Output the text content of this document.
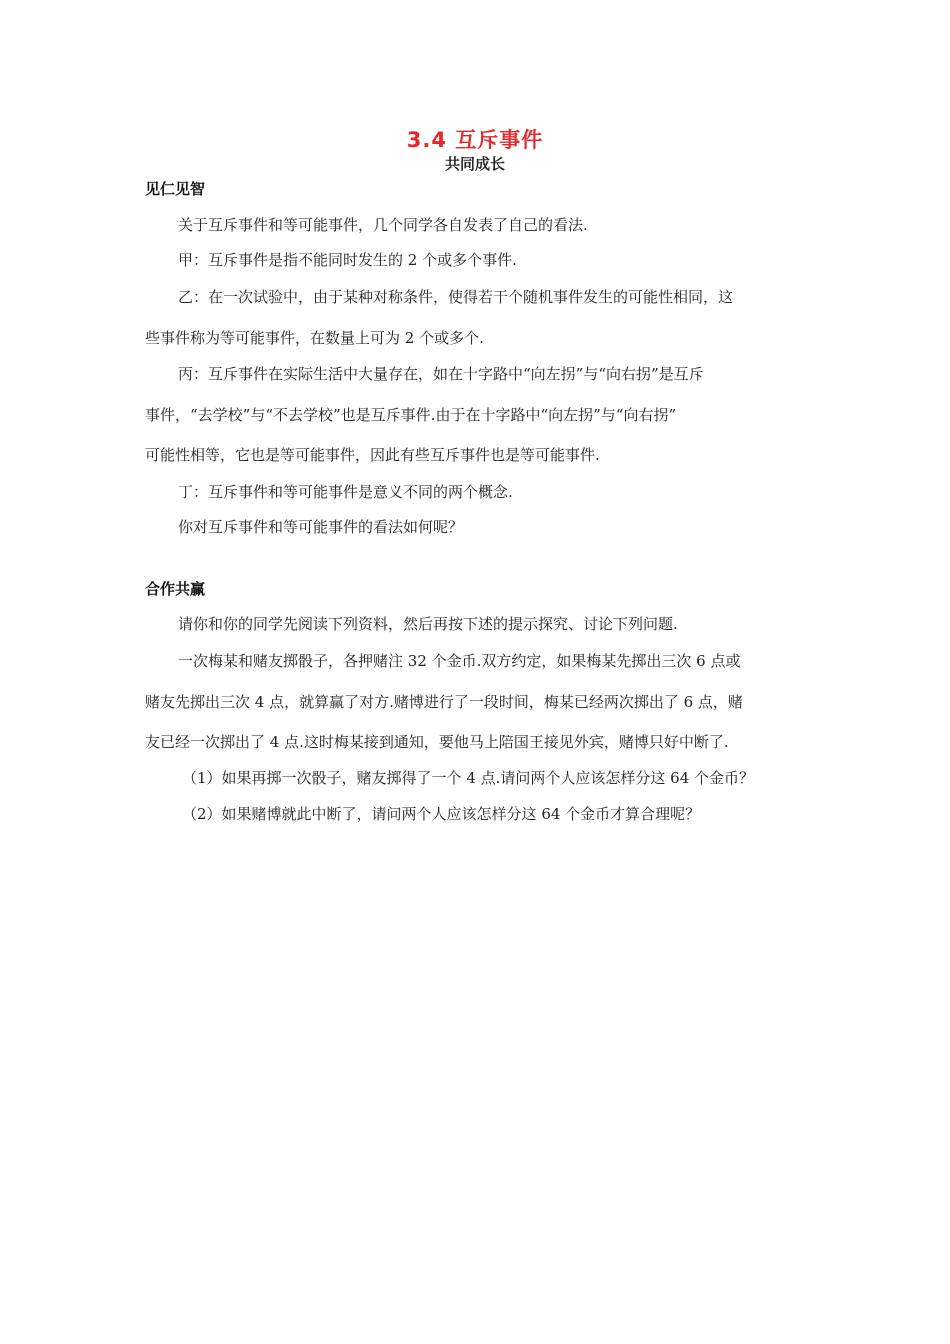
3.4 互斥事件
共同成长
见仁见智
关于互斥事件和等可能事件，几个同学各自发表了自己的看法.
甲：互斥事件是指不能同时发生的 2 个或多个事件.
乙：在一次试验中，由于某种对称条件，使得若干个随机事件发生的可能性相同，这
些事件称为等可能事件，在数量上可为 2 个或多个.
丙：互斥事件在实际生活中大量存在，如在十字路中“向左拐”与“向右拐”是互斥
事件，“去学校”与“不去学校”也是互斥事件.由于在十字路中“向左拐”与“向右拐”
可能性相等，它也是等可能事件，因此有些互斥事件也是等可能事件.
丁：互斥事件和等可能事件是意义不同的两个概念.
你对互斥事件和等可能事件的看法如何呢？
合作共赢
请你和你的同学先阅读下列资料，然后再按下述的提示探究、讨论下列问题.
一次梅某和赌友掷骰子，各押赌注 32 个金币.双方约定，如果梅某先掷出三次 6 点或
赌友先掷出三次 4 点，就算赢了对方.赌博进行了一段时间，梅某已经两次掷出了 6 点，赌
友已经一次掷出了 4 点.这时梅某接到通知，要他马上陪国王接见外宾，赌博只好中断了.
（1）如果再掷一次骰子，赌友掷得了一个 4 点.请问两个人应该怎样分这 64 个金币？
（2）如果赌博就此中断了，请问两个人应该怎样分这 64 个金币才算合理呢？
